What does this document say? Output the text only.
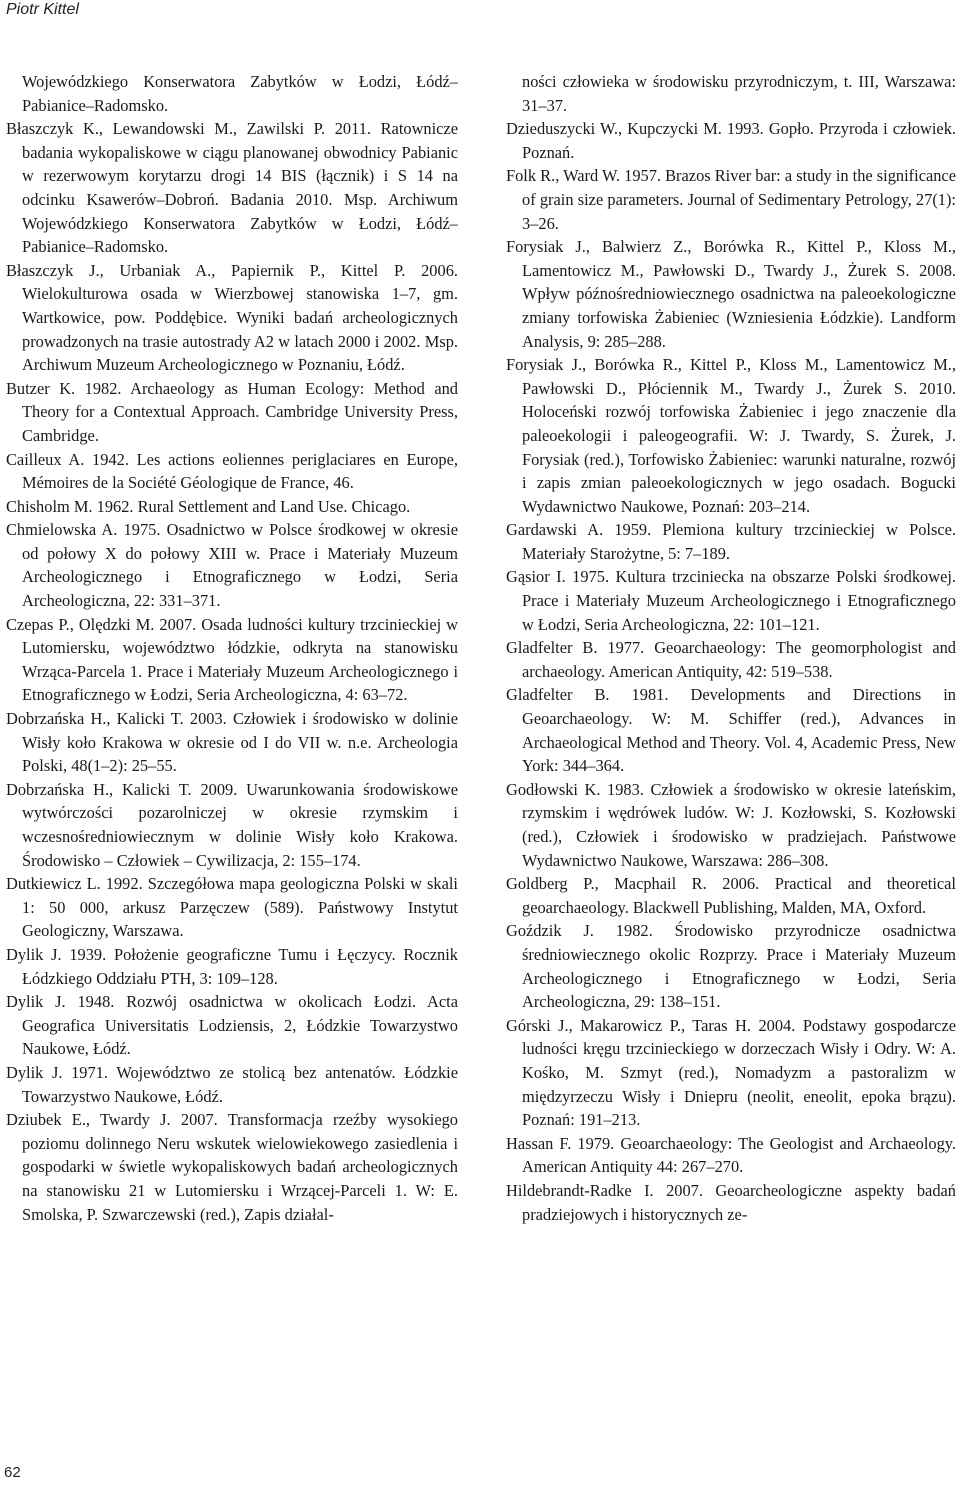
Piotr Kittel

Wojewódzkiego Konserwatora Zabytków w Łodzi, Łódź–Pabianice–Radomsko.

Błaszczyk K., Lewandowski M., Zawilski P. 2011. Ratownicze badania wykopaliskowe w ciągu planowanej obwodnicy Pabianic w rezerwowym korytarzu drogi 14 BIS (łącznik) i S 14 na odcinku Ksawerów–Dobroń. Badania 2010. Msp. Archiwum Wojewódzkiego Konserwatora Zabytków w Łodzi, Łódź–Pabianice–Radomsko.

Błaszczyk J., Urbaniak A., Papiernik P., Kittel P. 2006. Wielokulturowa osada w Wierzbowej stanowiska 1–7, gm. Wartkowice, pow. Poddębice. Wyniki badań archeologicznych prowadzonych na trasie autostrady A2 w latach 2000 i 2002. Msp. Archiwum Muzeum Archeologicznego w Poznaniu, Łódź.

Butzer K. 1982. Archaeology as Human Ecology: Method and Theory for a Contextual Approach. Cambridge University Press, Cambridge.

Cailleux A. 1942. Les actions eoliennes periglaciares en Europe, Mémoires de la Société Géologique de France, 46.

Chisholm M. 1962. Rural Settlement and Land Use. Chicago.

Chmielowska A. 1975. Osadnictwo w Polsce środkowej w okresie od połowy X do połowy XIII w. Prace i Materiały Muzeum Archeologicznego i Etnograficznego w Łodzi, Seria Archeologiczna, 22: 331–371.

Czepas P., Olędzki M. 2007. Osada ludności kultury trzcinieckiej w Lutomiersku, województwo łódzkie, odkryta na stanowisku Wrząca-Parcela 1. Prace i Materiały Muzeum Archeologicznego i Etnograficznego w Łodzi, Seria Archeologiczna, 4: 63–72.

Dobrzańska H., Kalicki T. 2003. Człowiek i środowisko w dolinie Wisły koło Krakowa w okresie od I do VII w. n.e. Archeologia Polski, 48(1–2): 25–55.

Dobrzańska H., Kalicki T. 2009. Uwarunkowania środowiskowe wytwórczości pozarolniczej w okresie rzymskim i wczesnośredniowiecznym w dolinie Wisły koło Krakowa. Środowisko – Człowiek – Cywilizacja, 2: 155–174.

Dutkiewicz L. 1992. Szczegółowa mapa geologiczna Polski w skali 1: 50 000, arkusz Parzęczew (589). Państwowy Instytut Geologiczny, Warszawa.

Dylik J. 1939. Położenie geograficzne Tumu i Łęczycy. Rocznik Łódzkiego Oddziału PTH, 3: 109–128.

Dylik J. 1948. Rozwój osadnictwa w okolicach Łodzi. Acta Geografica Universitatis Lodziensis, 2, Łódzkie Towarzystwo Naukowe, Łódź.

Dylik J. 1971. Województwo ze stolicą bez antenatów. Łódzkie Towarzystwo Naukowe, Łódź.

Dziubek E., Twardy J. 2007. Transformacja rzeźby wysokiego poziomu dolinnego Neru wskutek wielowiekowego zasiedlenia i gospodarki w świetle wykopaliskowych badań archeologicznych na stanowisku 21 w Lutomiersku i Wrzącej-Parceli 1. W: E. Smolska, P. Szwarczewski (red.), Zapis działal-

ności człowieka w środowisku przyrodniczym, t. III, Warszawa: 31–37.

Dzieduszycki W., Kupczycki M. 1993. Gopło. Przyroda i człowiek. Poznań.

Folk R., Ward W. 1957. Brazos River bar: a study in the significance of grain size parameters. Journal of Sedimentary Petrology, 27(1): 3–26.

Forysiak J., Balwierz Z., Borówka R., Kittel P., Kloss M., Lamentowicz M., Pawłowski D., Twardy J., Żurek S. 2008. Wpływ późnośredniowiecznego osadnictwa na paleoekologiczne zmiany torfowiska Żabieniec (Wzniesienia Łódzkie). Landform Analysis, 9: 285–288.

Forysiak J., Borówka R., Kittel P., Kloss M., Lamentowicz M., Pawłowski D., Płóciennik M., Twardy J., Żurek S. 2010. Holoceński rozwój torfowiska Żabieniec i jego znaczenie dla paleoekologii i paleogeografii. W: J. Twardy, S. Żurek, J. Forysiak (red.), Torfowisko Żabieniec: warunki naturalne, rozwój i zapis zmian paleoekologicznych w jego osadach. Bogucki Wydawnictwo Naukowe, Poznań: 203–214.

Gardawski A. 1959. Plemiona kultury trzcinieckiej w Polsce. Materiały Starożytne, 5: 7–189.

Gąsior I. 1975. Kultura trzciniecka na obszarze Polski środkowej. Prace i Materiały Muzeum Archeologicznego i Etnograficznego w Łodzi, Seria Archeologiczna, 22: 101–121.

Gladfelter B. 1977. Geoarchaeology: The geomorphologist and archaeology. American Antiquity, 42: 519–538.

Gladfelter B. 1981. Developments and Directions in Geoarchaeology. W: M. Schiffer (red.), Advances in Archaeological Method and Theory. Vol. 4, Academic Press, New York: 344–364.

Godłowski K. 1983. Człowiek a środowisko w okresie lateńskim, rzymskim i wędrówek ludów. W: J. Kozłowski, S. Kozłowski (red.), Człowiek i środowisko w pradziejach. Państwowe Wydawnictwo Naukowe, Warszawa: 286–308.

Goldberg P., Macphail R. 2006. Practical and theoretical geoarchaeology. Blackwell Publishing, Malden, MA, Oxford.

Goździk J. 1982. Środowisko przyrodnicze osadnictwa średniowiecznego okolic Rozprzy. Prace i Materiały Muzeum Archeologicznego i Etnograficznego w Łodzi, Seria Archeologiczna, 29: 138–151.

Górski J., Makarowicz P., Taras H. 2004. Podstawy gospodarcze ludności kręgu trzcinieckiego w dorzeczach Wisły i Odry. W: A. Kośko, M. Szmyt (red.), Nomadyzm a pastoralizm w międzyrzeczu Wisły i Dniepru (neolit, eneolit, epoka brązu). Poznań: 191–213.

Hassan F. 1979. Geoarchaeology: The Geologist and Archaeology. American Antiquity 44: 267–270.

Hildebrandt-Radke I. 2007. Geoarcheologiczne aspekty badań pradziejowych i historycznych ze-

62
